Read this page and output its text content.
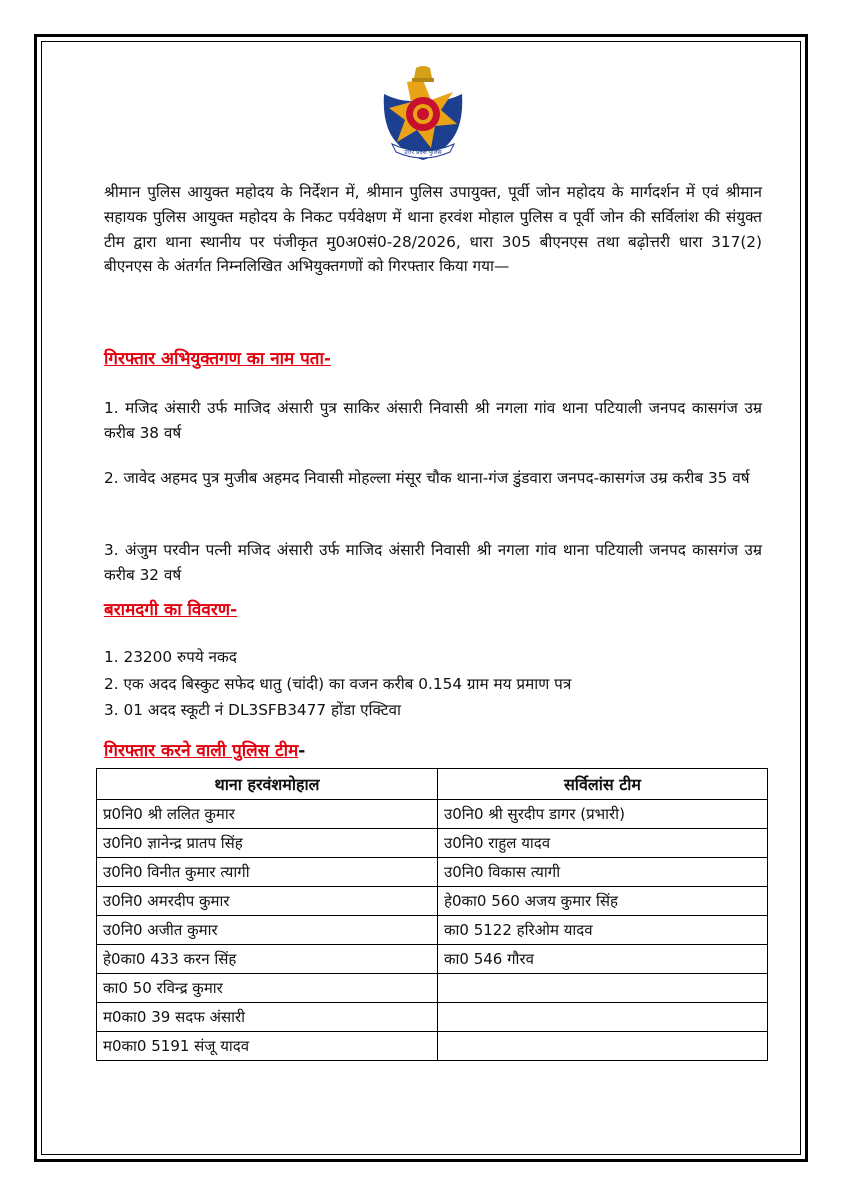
उत्तर प्रदेश पुलिस

श्रीमान पुलिस आयुक्त महोदय के निर्देशन में, श्रीमान पुलिस उपायुक्त, पूर्वी जोन महोदय के मार्गदर्शन में एवं श्रीमान सहायक पुलिस आयुक्त महोदय के निकट पर्यवेक्षण में थाना हरवंश मोहाल पुलिस व पूर्वी जोन की सर्विलांश की संयुक्त टीम द्वारा थाना स्थानीय पर पंजीकृत मु0अ0सं0-28/2026, धारा 305 बीएनएस तथा बढ़ोत्तरी धारा 317(2) बीएनएस के अंतर्गत निम्नलिखित अभियुक्तगणों को गिरफ्तार किया गया—

गिरफ्तार अभियुक्तगण का नाम पता-

1. मजिद अंसारी उर्फ माजिद अंसारी पुत्र साकिर अंसारी निवासी श्री नगला गांव थाना पटियाली जनपद कासगंज उम्र करीब 38 वर्ष

2. जावेद अहमद पुत्र मुजीब अहमद निवासी मोहल्ला मंसूर चौक थाना-गंज डुंडवारा जनपद-कासगंज उम्र करीब 35 वर्ष

3. अंजुम परवीन पत्नी मजिद अंसारी उर्फ माजिद अंसारी निवासी श्री नगला गांव थाना पटियाली जनपद कासगंज उम्र करीब 32 वर्ष

बरामदगी का विवरण-

1. 23200 रुपये नकद

2. एक अदद बिस्कुट सफेद धातु (चांदी) का वजन करीब 0.154 ग्राम मय प्रमाण पत्र

3. 01 अदद स्कूटी नं DL3SFB3477 होंडा एक्टिवा

गिरफ्तार करने वाली पुलिस टीम-

थाना हरवंशमोहाल	सर्विलांस टीम
प्र0नि0 श्री ललित कुमार	उ0नि0 श्री सुरदीप डागर (प्रभारी)
उ0नि0 ज्ञानेन्द्र प्रातप सिंह	उ0नि0 राहुल यादव
उ0नि0 विनीत कुमार त्यागी	उ0नि0 विकास त्यागी
उ0नि0 अमरदीप कुमार	हे0का0 560 अजय कुमार सिंह
उ0नि0 अजीत कुमार	का0 5122 हरिओम यादव
हे0का0 433 करन सिंह	का0 546 गौरव
का0 50 रविन्द्र कुमार	
म0का0 39 सदफ अंसारी	
म0का0 5191 संजू यादव	
